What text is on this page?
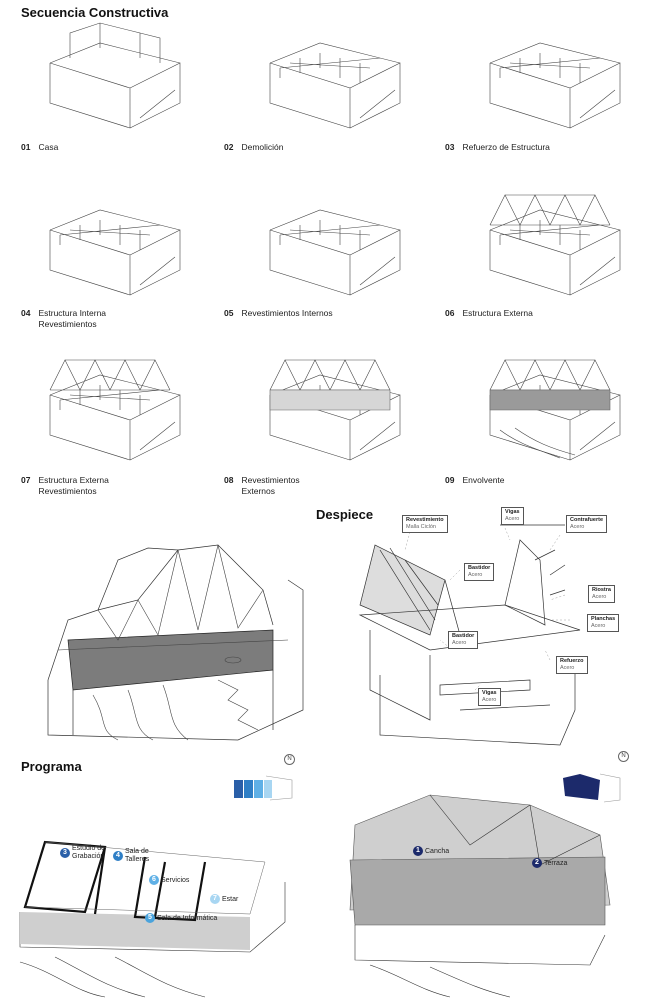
Secuencia Constructiva
Despiece
Programa
01 Casa	02 Demolición	03 Refuerzo de Estructura
04 Estructura Interna
Revestimientos
05 Revestimientos Internos	06 Estructura Externa
07 Estructura Externa
Revestimientos
08 Revestimientos
Externos
09 Envolvente
Revestimiento
Malla Ciclón
Vigas
Acero	Contrafuerte
Acero
Bastidor
Acero
Riostra
Acero
Planchas
Acero
Bastidor
Acero
Refuerzo
Acero
Vigas
Acero
N	N
3
Estudio de
Grabación	4
Sala de
Talleres
6 Servicios
7 Estar
5 Sala de Informática
1 Cancha
2 Terraza
